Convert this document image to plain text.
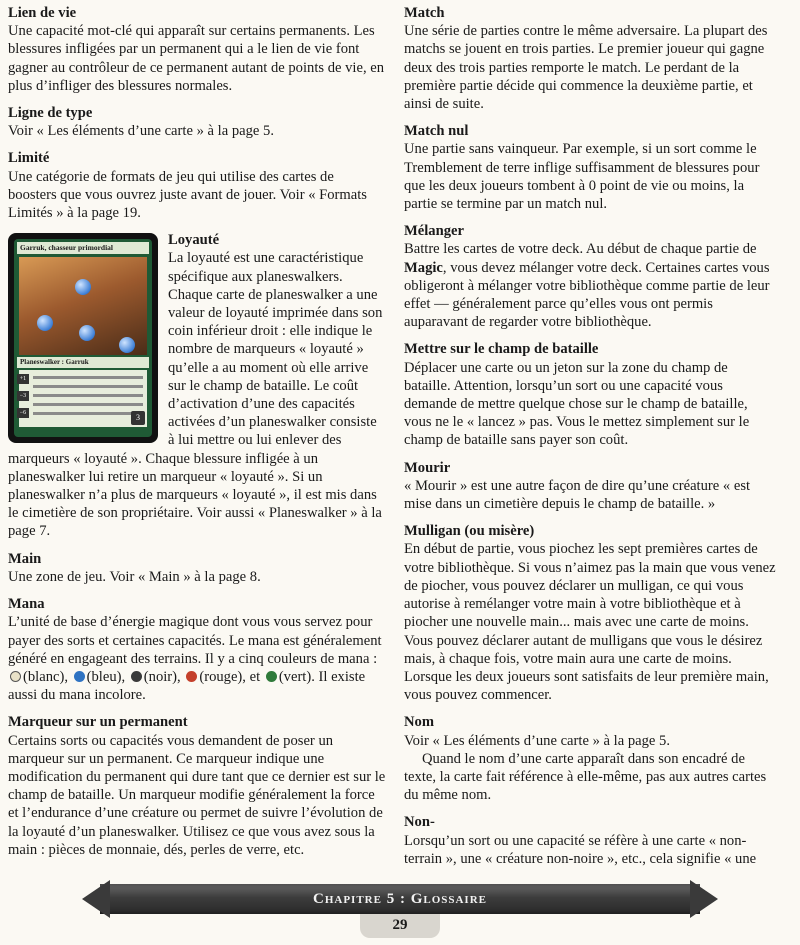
Lien de vie

Une capacité mot-clé qui apparaît sur certains permanents. Les blessures infligées par un permanent qui a le lien de vie font gagner au contrôleur de ce permanent autant de points de vie, en plus d’infliger des blessures normales.

Ligne de type

Voir « Les éléments d’une carte » à la page 5.

Limité

Une catégorie de formats de jeu qui utilise des cartes de boosters que vous ouvrez juste avant de jouer. Voir « Formats Limités » à la page 19.

Garruk, chasseur primordial
Planeswalker : Garruk
+1
−3
−6	3

Loyauté

La loyauté est une caractéristique spécifique aux planeswalkers. Chaque carte de planeswalker a une valeur de loyauté imprimée dans son coin inférieur droit : elle indique le nombre de marqueurs « loyauté » qu’elle a au moment où elle arrive sur le champ de bataille. Le coût d’activation d’une des capacités activées d’un planeswalker consiste à lui mettre ou lui enlever des marqueurs « loyauté ». Chaque blessure infligée à un planeswalker lui retire un marqueur « loyauté ». Si un planeswalker n’a plus de marqueurs « loyauté », il est mis dans le cimetière de son propriétaire. Voir aussi « Planeswalker » à la page 7.

Main

Une zone de jeu. Voir « Main » à la page 8.

Mana

L’unité de base d’énergie magique dont vous vous servez pour payer des sorts et certaines capacités. Le mana est généralement généré en engageant des terrains. Il y a cinq couleurs de mana : (blanc), (bleu), (noir), (rouge), et (vert). Il existe aussi du mana incolore.

Marqueur sur un permanent

Certains sorts ou capacités vous demandent de poser un marqueur sur un permanent. Ce marqueur indique une modification du permanent qui dure tant que ce dernier est sur le champ de bataille. Un marqueur modifie généralement la force et l’endurance d’une créature ou permet de suivre l’évolution de la loyauté d’un planeswalker. Utilisez ce que vous avez sous la main : pièces de monnaie, dés, perles de verre, etc.

Match

Une série de parties contre le même adversaire. La plupart des matchs se jouent en trois parties. Le premier joueur qui gagne deux des trois parties remporte le match. Le perdant de la première partie décide qui commence la deuxième partie, et ainsi de suite.

Match nul

Une partie sans vainqueur. Par exemple, si un sort comme le Tremblement de terre inflige suffisamment de blessures pour que les deux joueurs tombent à 0 point de vie ou moins, la partie se termine par un match nul.

Mélanger

Battre les cartes de votre deck. Au début de chaque partie de Magic, vous devez mélanger votre deck. Certaines cartes vous obligeront à mélanger votre bibliothèque comme partie de leur effet — généralement parce qu’elles vous ont permis auparavant de regarder votre bibliothèque.

Mettre sur le champ de bataille

Déplacer une carte ou un jeton sur la zone du champ de bataille. Attention, lorsqu’un sort ou une capacité vous demande de mettre quelque chose sur le champ de bataille, vous ne le « lancez » pas. Vous le mettez simplement sur le champ de bataille sans payer son coût.

Mourir

« Mourir » est une autre façon de dire qu’une créature « est mise dans un cimetière depuis le champ de bataille. »

Mulligan (ou misère)

En début de partie, vous piochez les sept premières cartes de votre bibliothèque. Si vous n’aimez pas la main que vous venez de piocher, vous pouvez déclarer un mulligan, ce qui vous autorise à remélanger votre main à votre bibliothèque et à piocher une nouvelle main... mais avec une carte de moins. Vous pouvez déclarer autant de mulligans que vous le désirez mais, à chaque fois, votre main aura une carte de moins. Lorsque les deux joueurs sont satisfaits de leur première main, vous pouvez commencer.

Nom

Voir « Les éléments d’une carte » à la page 5.

Quand le nom d’une carte apparaît dans son encadré de texte, la carte fait référence à elle-même, pas aux autres cartes du même nom.

Non-

Lorsqu’un sort ou une capacité se réfère à une carte « non-terrain », une « créature non-noire », etc., cela signifie « une

Chapitre 5 : Glossaire
29
